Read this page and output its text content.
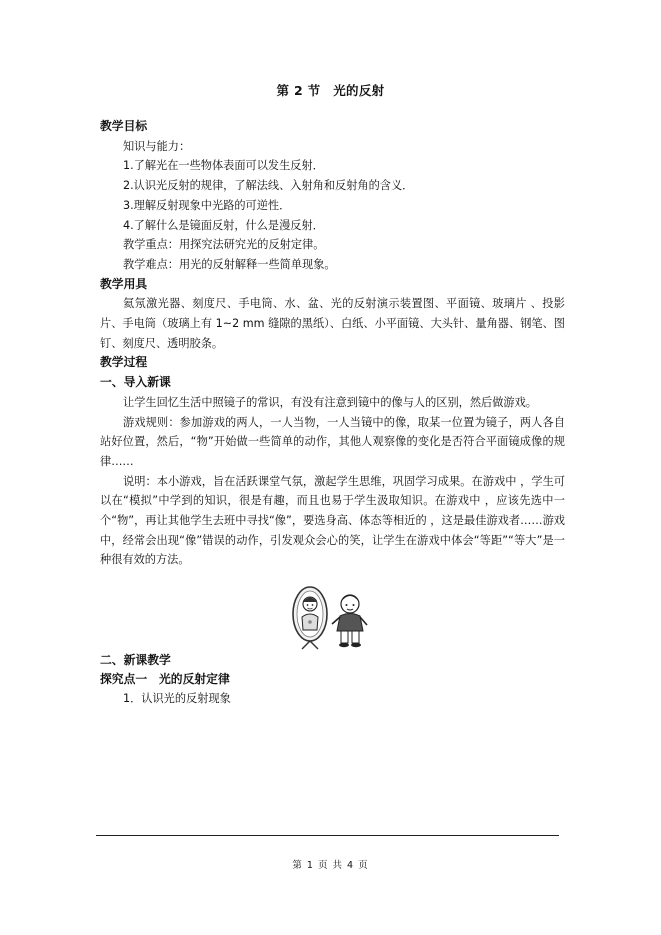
第 2 节　光的反射
教学目标
知识与能力：
1.了解光在一些物体表面可以发生反射．
2.认识光反射的规律，了解法线、入射角和反射角的含义．
3.理解反射现象中光路的可逆性．
4.了解什么是镜面反射，什么是漫反射．
教学重点：用探究法研究光的反射定律。
教学难点：用光的反射解释一些简单现象。
教学用具
氦氖激光器、刻度尺、手电筒、水、盆、光的反射演示装置图、平面镜、玻璃片 、投影片、手电筒（玻璃上有 1~2 mm 缝隙的黑纸）、白纸、小平面镜、大头针、量角器、钢笔、图钉、刻度尺、透明胶条。
教学过程
一、导入新课
让学生回忆生活中照镜子的常识，有没有注意到镜中的像与人的区别，然后做游戏。
游戏规则：参加游戏的两人，一人当物，一人当镜中的像，取某一位置为镜子，两人各自站好位置，然后，“物”开始做一些简单的动作，其他人观察像的变化是否符合平面镜成像的规律……
说明：本小游戏，旨在活跃课堂气氛，激起学生思维，巩固学习成果。在游戏中 ，学生可以在“模拟”中学到的知识，很是有趣，而且也易于学生汲取知识。在游戏中 ，应该先选中一个“物”，再让其他学生去班中寻找“像”，要选身高、体态等相近的 ，这是最佳游戏者……游戏中，经常会出现“像”错误的动作，引发观众会心的笑，让学生在游戏中体会“等距”“等大”是一种很有效的方法。
二、新课教学
探究点一　光的反射定律
1．认识光的反射现象
第 1 页 共 4 页
